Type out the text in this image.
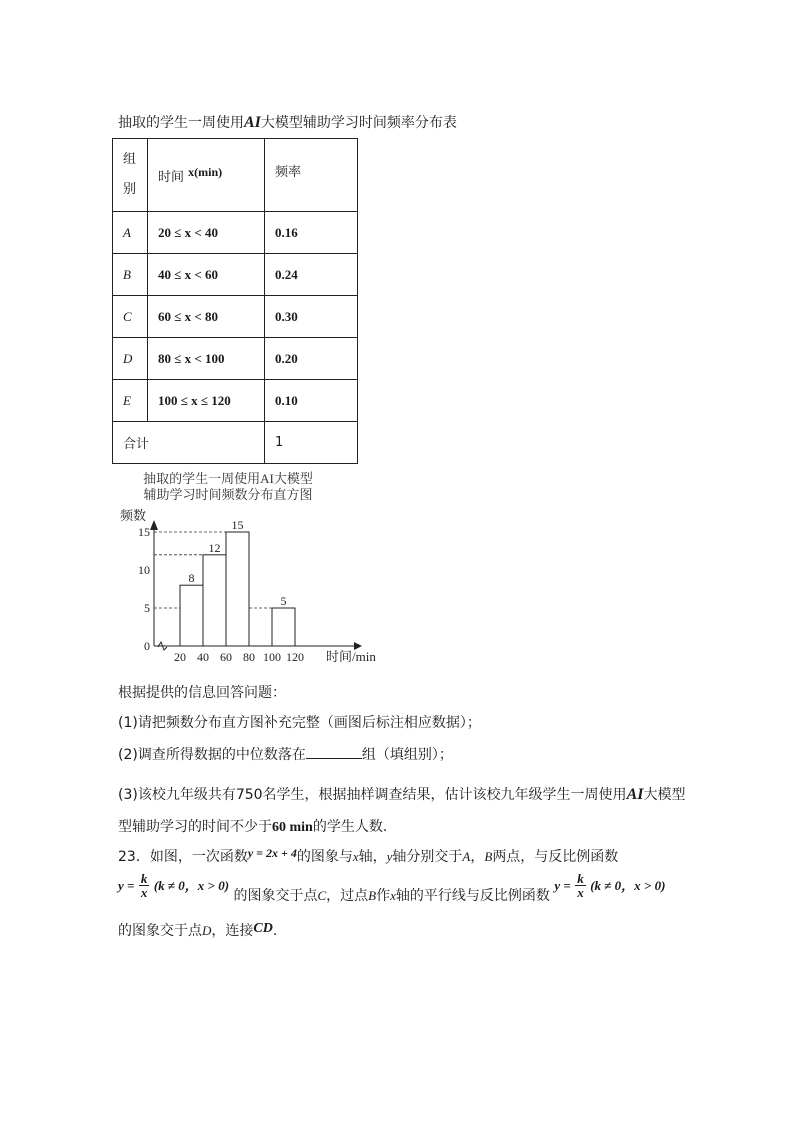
抽取的学生一周使用AI大模型辅助学习时间频率分布表
组别	时间 x(min)	频率
A	20 ≤ x < 40	0.16
B	40 ≤ x < 60	0.24
C	60 ≤ x < 80	0.30
D	80 ≤ x < 100	0.20
E	100 ≤ x ≤ 120	0.10
合计		1
抽取的学生一周使用AI大模型
辅助学习时间频数分布直方图
频数
时间/min
0
5
10
15
20 40 60 80 100 120
8
12
15
5
根据提供的信息回答问题：
(1)请把频数分布直方图补充完整（画图后标注相应数据）；
(2)调查所得数据的中位数落在	组（填组别）；
(3)该校九年级共有750名学生，根据抽样调查结果，估计该校九年级学生一周使用AI大模型
型辅助学习的时间不少于60 min的学生人数.
23．如图，一次函数y = 2x + 4的图象与x轴，y轴分别交于A，B两点，与反比例函数
$y = \frac{k}{x} (k \ne 0$，x > 0) 的图象交于点C，过点B作x轴的平行线与反比例函数 $y = \frac{k}{x} (k \ne 0$，x > 0)
的图象交于点D，连接CD.
